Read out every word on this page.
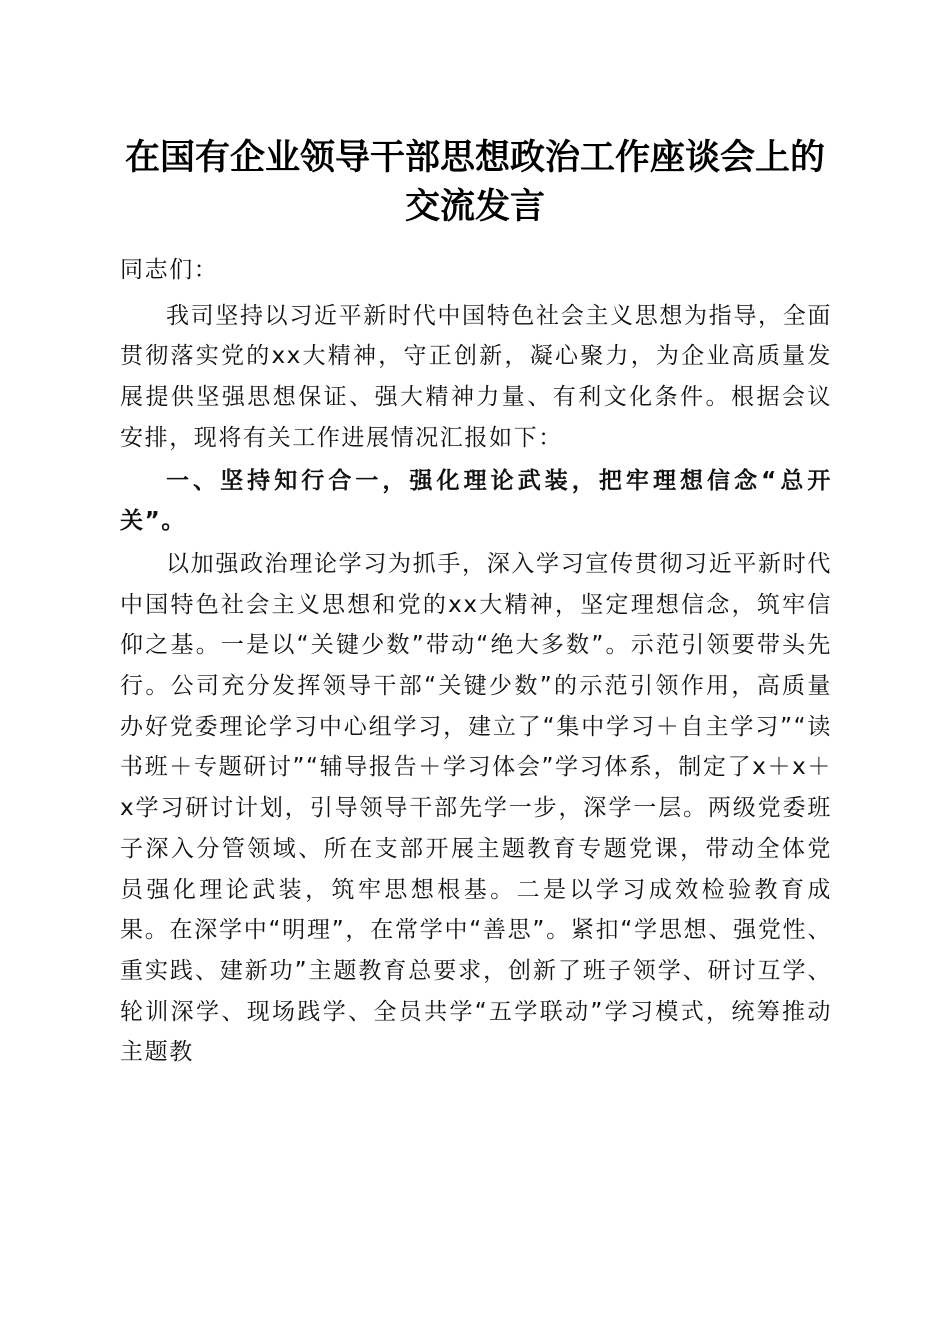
在国有企业领导干部思想政治工作座谈会上的
交流发言

同志们：

我司坚持以习近平新时代中国特色社会主义思想为指导，全面贯彻落实党的xx大精神，守正创新，凝心聚力，为企业高质量发展提供坚强思想保证、强大精神力量、有利文化条件。根据会议安排，现将有关工作进展情况汇报如下：

一、坚持知行合一，强化理论武装，把牢理想信念“总开关”。

以加强政治理论学习为抓手，深入学习宣传贯彻习近平新时代中国特色社会主义思想和党的xx大精神，坚定理想信念，筑牢信仰之基。一是以“关键少数”带动“绝大多数”。示范引领要带头先行。公司充分发挥领导干部“关键少数”的示范引领作用，高质量办好党委理论学习中心组学习，建立了“集中学习＋自主学习”“读书班＋专题研讨”“辅导报告＋学习体会”学习体系，制定了x＋x＋x学习研讨计划，引导领导干部先学一步，深学一层。两级党委班子深入分管领域、所在支部开展主题教育专题党课，带动全体党员强化理论武装，筑牢思想根基。二是以学习成效检验教育成果。在深学中“明理”，在常学中“善思”。紧扣“学思想、强党性、重实践、建新功”主题教育总要求，创新了班子领学、研讨互学、轮训深学、现场践学、全员共学“五学联动”学习模式，统筹推动主题教
